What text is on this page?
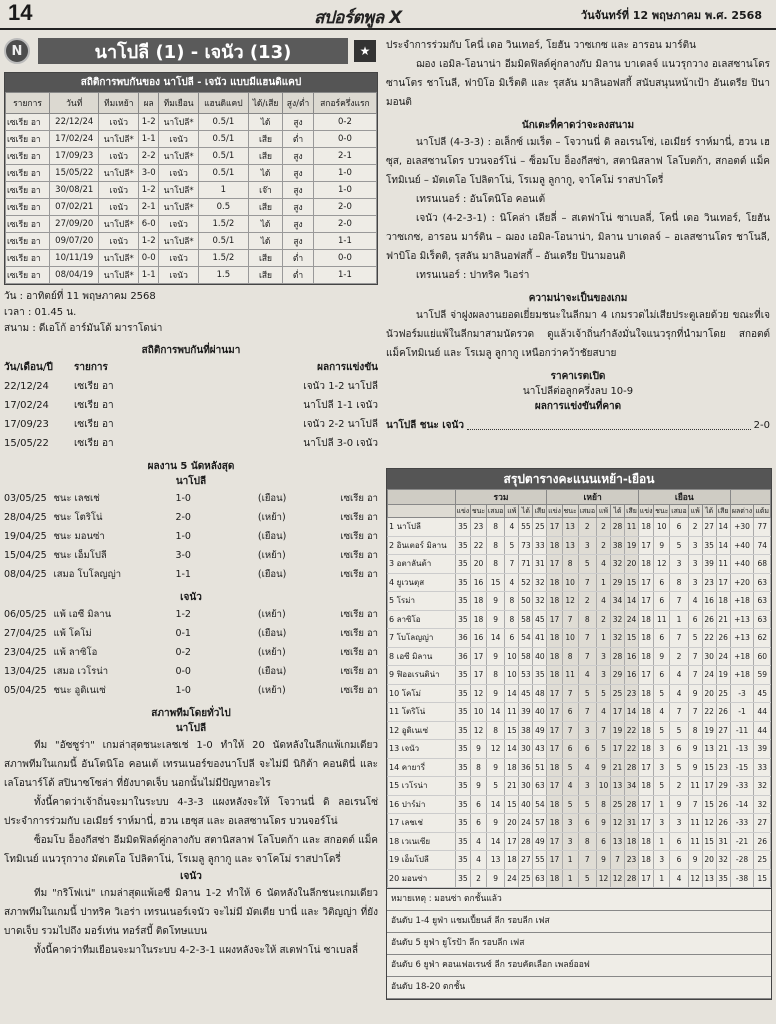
14	สปอร์ตพูล X	วันจันทร์ที่ 12 พฤษภาคม พ.ศ. 2568
N	นาโปลี (1) - เจนัว (13)	★
สถิติการพบกันของ นาโปลี - เจนัว แบบมีแฮนดิแคป
รายการ	วันที่	ทีมเหย้า	ผล	ทีมเยือน	แฮนดิแคป	ได้/เสีย	สูง/ต่ำ	สกอร์ครึ่งแรก
เซเรีย อา	22/12/24	เจนัว	1-2	นาโปลี*	0.5/1	ได้	สูง	0-2
เซเรีย อา	17/02/24	นาโปลี*	1-1	เจนัว	0.5/1	เสีย	ต่ำ	0-0
เซเรีย อา	17/09/23	เจนัว	2-2	นาโปลี*	0.5/1	เสีย	สูง	2-1
เซเรีย อา	15/05/22	นาโปลี*	3-0	เจนัว	0.5/1	ได้	สูง	1-0
เซเรีย อา	30/08/21	เจนัว	1-2	นาโปลี*	1	เจ๊า	สูง	1-0
เซเรีย อา	07/02/21	เจนัว	2-1	นาโปลี*	0.5	เสีย	สูง	2-0
เซเรีย อา	27/09/20	นาโปลี*	6-0	เจนัว	1.5/2	ได้	สูง	2-0
เซเรีย อา	09/07/20	เจนัว	1-2	นาโปลี*	0.5/1	ได้	สูง	1-1
เซเรีย อา	10/11/19	นาโปลี*	0-0	เจนัว	1.5/2	เสีย	ต่ำ	0-0
เซเรีย อา	08/04/19	นาโปลี*	1-1	เจนัว	1.5	เสีย	ต่ำ	1-1
วัน : อาทิตย์ที่ 11 พฤษภาคม 2568
เวลา : 01.45 น.
สนาม : ดีเอโก้ อาร์มันโด้ มาราโดน่า
สถิติการพบกันที่ผ่านมา
วัน/เดือน/ปี	รายการ	ผลการแข่งขัน
22/12/24	เซเรีย อา	เจนัว 1-2 นาโปลี
17/02/24	เซเรีย อา	นาโปลี 1-1 เจนัว
17/09/23	เซเรีย อา	เจนัว 2-2 นาโปลี
15/05/22	เซเรีย อา	นาโปลี 3-0 เจนัว
ผลงาน 5 นัดหลังสุด
นาโปลี
03/05/25 ชนะ เลชเช่	1-0	(เยือน)	เซเรีย อา
28/04/25 ชนะ โตริโน่	2-0	(เหย้า)	เซเรีย อา
19/04/25 ชนะ มอนซ่า	1-0	(เยือน)	เซเรีย อา
15/04/25 ชนะ เอ็มโปลี	3-0	(เหย้า)	เซเรีย อา
08/04/25 เสมอ โบโลญญ่า	1-1	(เยือน)	เซเรีย อา
เจนัว
06/05/25 แพ้ เอซี มิลาน	1-2	(เหย้า)	เซเรีย อา
27/04/25 แพ้ โคโม่	0-1	(เยือน)	เซเรีย อา
23/04/25 แพ้ ลาซิโอ	0-2	(เหย้า)	เซเรีย อา
13/04/25 เสมอ เวโรน่า	0-0	(เยือน)	เซเรีย อา
05/04/25 ชนะ อูดิเนเซ่	1-0	(เหย้า)	เซเรีย อา
สภาพทีมโดยทั่วไป
นาโปลี
ทีม "อัซซูร่า" เกมล่าสุดชนะเลชเช่ 1-0 ทำให้ 20 นัดหลังในลีกแพ้เกมเดียว สภาพทีมในเกมนี้ อันโตนิโอ คอนเต้ เทรนเนอร์ของนาโปลี จะไม่มี นิกิต้า คอนตินี่ และ เลโอนาร์โด้ สปินาซโซล่า ที่ยังบาดเจ็บ นอกนั้นไม่มีปัญหาอะไร
ทั้งนี้คาดว่าเจ้าถิ่นจะมาในระบบ 4-3-3 แผงหลังจะให้ โจวานนี่ ดิ ลอเรนโซ่ ประจำการร่วมกับ เอเมียร์ ราห์มานี่, ฮวน เฮซุส และ อเลสซานโดร บวนจอร์โน่
ซ็อมโบ อ็องกีสซ่า อีมมิดฟิลด์คู่กลางกับ สตานิสลาฟ โลโบตก้า และ สกอตต์ แม็คโทมิเนย์ แนวรุกวาง มัตเตโอ โปลิตาโน่, โรเมลู ลูกากู และ จาโคโม่ ราสปาโดรี่
เจนัว
ทีม "กริโฟเน่" เกมล่าสุดแพ้เอซี มิลาน 1-2 ทำให้ 6 นัดหลังในลีกชนะเกมเดียว สภาพทีมในเกมนี้ ปาทริค วิเอร่า เทรนเนอร์เจนัว จะไม่มี มัตเตีย บานี่ และ วิติญญ่า ที่ยังบาดเจ็บ รวมไปถึง มอร์เท่น ทอร์สบี้ ติดโทษแบน
ทั้งนี้คาดว่าทีมเยือนจะมาในระบบ 4-2-3-1 แผงหลังจะให้ สเตฟาโน่ ซาเบลลี่
ประจำการร่วมกับ โคนี่ เดอ วินเทอร์, โยฮัน วาซเกซ และ อารอน มาร์ติน
ฌอง เอมิล-โอนาน่า อีมมิดฟิลด์คู่กลางกับ มิลาน บาเดลจ์ แนวรุกวาง อเลสซานโดร ซานโตร ชาโนลี, ฟาบิโอ มิเร็ตติ และ รุสลัน มาลินอฟสกี้ สนับสนุนหน้าเป้า อันเดรีย ปินามอนติ
นักเตะที่คาดว่าจะลงสนาม
นาโปลี (4-3-3) : อเล็กซ์ เมเร็ต – โจวานนี่ ดิ ลอเรนโซ่, เอเมียร์ ราห์มานี่, ฮวน เฮซุส, อเลสซานโดร บวนจอร์โน่ – ซ็อมโบ อ็องกีสซ่า, สตานิสลาฟ โลโบตก้า, สกอตต์ แม็คโทมิเนย์ – มัตเตโอ โปลิตาโน่, โรเมลู ลูกากู, จาโคโม่ ราสปาโดรี่
เทรนเนอร์ : อันโตนิโอ คอนเต้
เจนัว (4-2-3-1) : นิโคล่า เลียลี่ – สเตฟาโน่ ซาเบลลี่, โคนี่ เดอ วินเทอร์, โยฮัน วาซเกซ, อารอน มาร์ติน – ฌอง เอมิล-โอนาน่า, มิลาน บาเดลจ์ – อเลสซานโดร ชาโนลี, ฟาบิโอ มิเร็ตติ, รุสลัน มาลินอฟสกี้ – อันเดรีย ปินามอนติ
เทรนเนอร์ : ปาทริค วิเอร่า
ความน่าจะเป็นของเกม
นาโปลี จ่าฝูงผลงานยอดเยี่ยมชนะในลีกมา 4 เกมรวดไม่เสียประตูเลยด้วย ขณะที่เจนัวฟอร์มแย่แพ้ในลีกมาสามนัดรวด ดูแล้วเจ้าถิ่นกำลังมั่นใจแนวรุกที่นำมาโดย สกอตต์ แม็คโทมิเนย์ และ โรเมลู ลูกากู เหนือกว่าคว้าชัยสบาย
ราคาเรตเปิด
นาโปลีต่อลูกครึ่งลบ 10-9
ผลการแข่งขันที่คาด
นาโปลี ชนะ เจนัว	2-0
สรุปตารางคะแนนเหย้า-เยือน
	รวม						เหย้า						เยือน							
	แข่ง	ชนะ	เสมอ	แพ้	ได้	เสีย	แข่ง	ชนะ	เสมอ	แพ้	ได้	เสีย	แข่ง	ชนะ	เสมอ	แพ้	ได้	เสีย	ผลต่าง	แต้ม
1 นาโปลี	35	23	8	4	55	25	17	13	2	2	28	11	18	10	6	2	27	14	+30	77
2 อินเตอร์ มิลาน	35	22	8	5	73	33	18	13	3	2	38	19	17	9	5	3	35	14	+40	74
3 อตาลันต้า	35	20	8	7	71	31	17	8	5	4	32	20	18	12	3	3	39	11	+40	68
4 ยูเวนตุส	35	16	15	4	52	32	18	10	7	1	29	15	17	6	8	3	23	17	+20	63
5 โรม่า	35	18	9	8	50	32	18	12	2	4	34	14	17	6	7	4	16	18	+18	63
6 ลาซิโอ	35	18	9	8	58	45	17	7	8	2	32	24	18	11	1	6	26	21	+13	63
7 โบโลญญ่า	36	16	14	6	54	41	18	10	7	1	32	15	18	6	7	5	22	26	+13	62
8 เอซี มิลาน	36	17	9	10	58	40	18	8	7	3	28	16	18	9	2	7	30	24	+18	60
9 ฟิออเรนติน่า	35	17	8	10	53	35	18	11	4	3	29	16	17	6	4	7	24	19	+18	59
10 โคโม่	35	12	9	14	45	48	17	7	5	5	25	23	18	5	4	9	20	25	-3	45
11 โตริโน่	35	10	14	11	39	40	17	6	7	4	17	14	18	4	7	7	22	26	-1	44
12 อูดิเนเซ่	35	12	8	15	38	49	17	7	3	7	19	22	18	5	5	8	19	27	-11	44
13 เจนัว	35	9	12	14	30	43	17	6	6	5	17	22	18	3	6	9	13	21	-13	39
14 คายารี่	35	8	9	18	36	51	18	5	4	9	21	28	17	3	5	9	15	23	-15	33
15 เวโรน่า	35	9	5	21	30	63	17	4	3	10	13	34	18	5	2	11	17	29	-33	32
16 ปาร์ม่า	35	6	14	15	40	54	18	5	5	8	25	28	17	1	9	7	15	26	-14	32
17 เลชเช่	35	6	9	20	24	57	18	3	6	9	12	31	17	3	3	11	12	26	-33	27
18 เวเนเซีย	35	4	14	17	28	49	17	3	8	6	13	18	18	1	6	11	15	31	-21	26
19 เอ็มโปลี	35	4	13	18	27	55	17	1	7	9	7	23	18	3	6	9	20	32	-28	25
20 มอนซ่า	35	2	9	24	25	63	18	1	5	12	12	28	17	1	4	12	13	35	-38	15
หมายเหตุ : มอนซ่า ตกชั้นแล้ว
อันดับ 1-4 ยูฟ่า แชมเปี้ยนส์ ลีก รอบลีก เฟส
อันดับ 5 ยูฟ่า ยูโรป้า ลีก รอบลีก เฟส
อันดับ 6 ยูฟ่า คอนเฟอเรนซ์ ลีก รอบคัดเลือก เพลย์ออฟ
อันดับ 18-20 ตกชั้น
